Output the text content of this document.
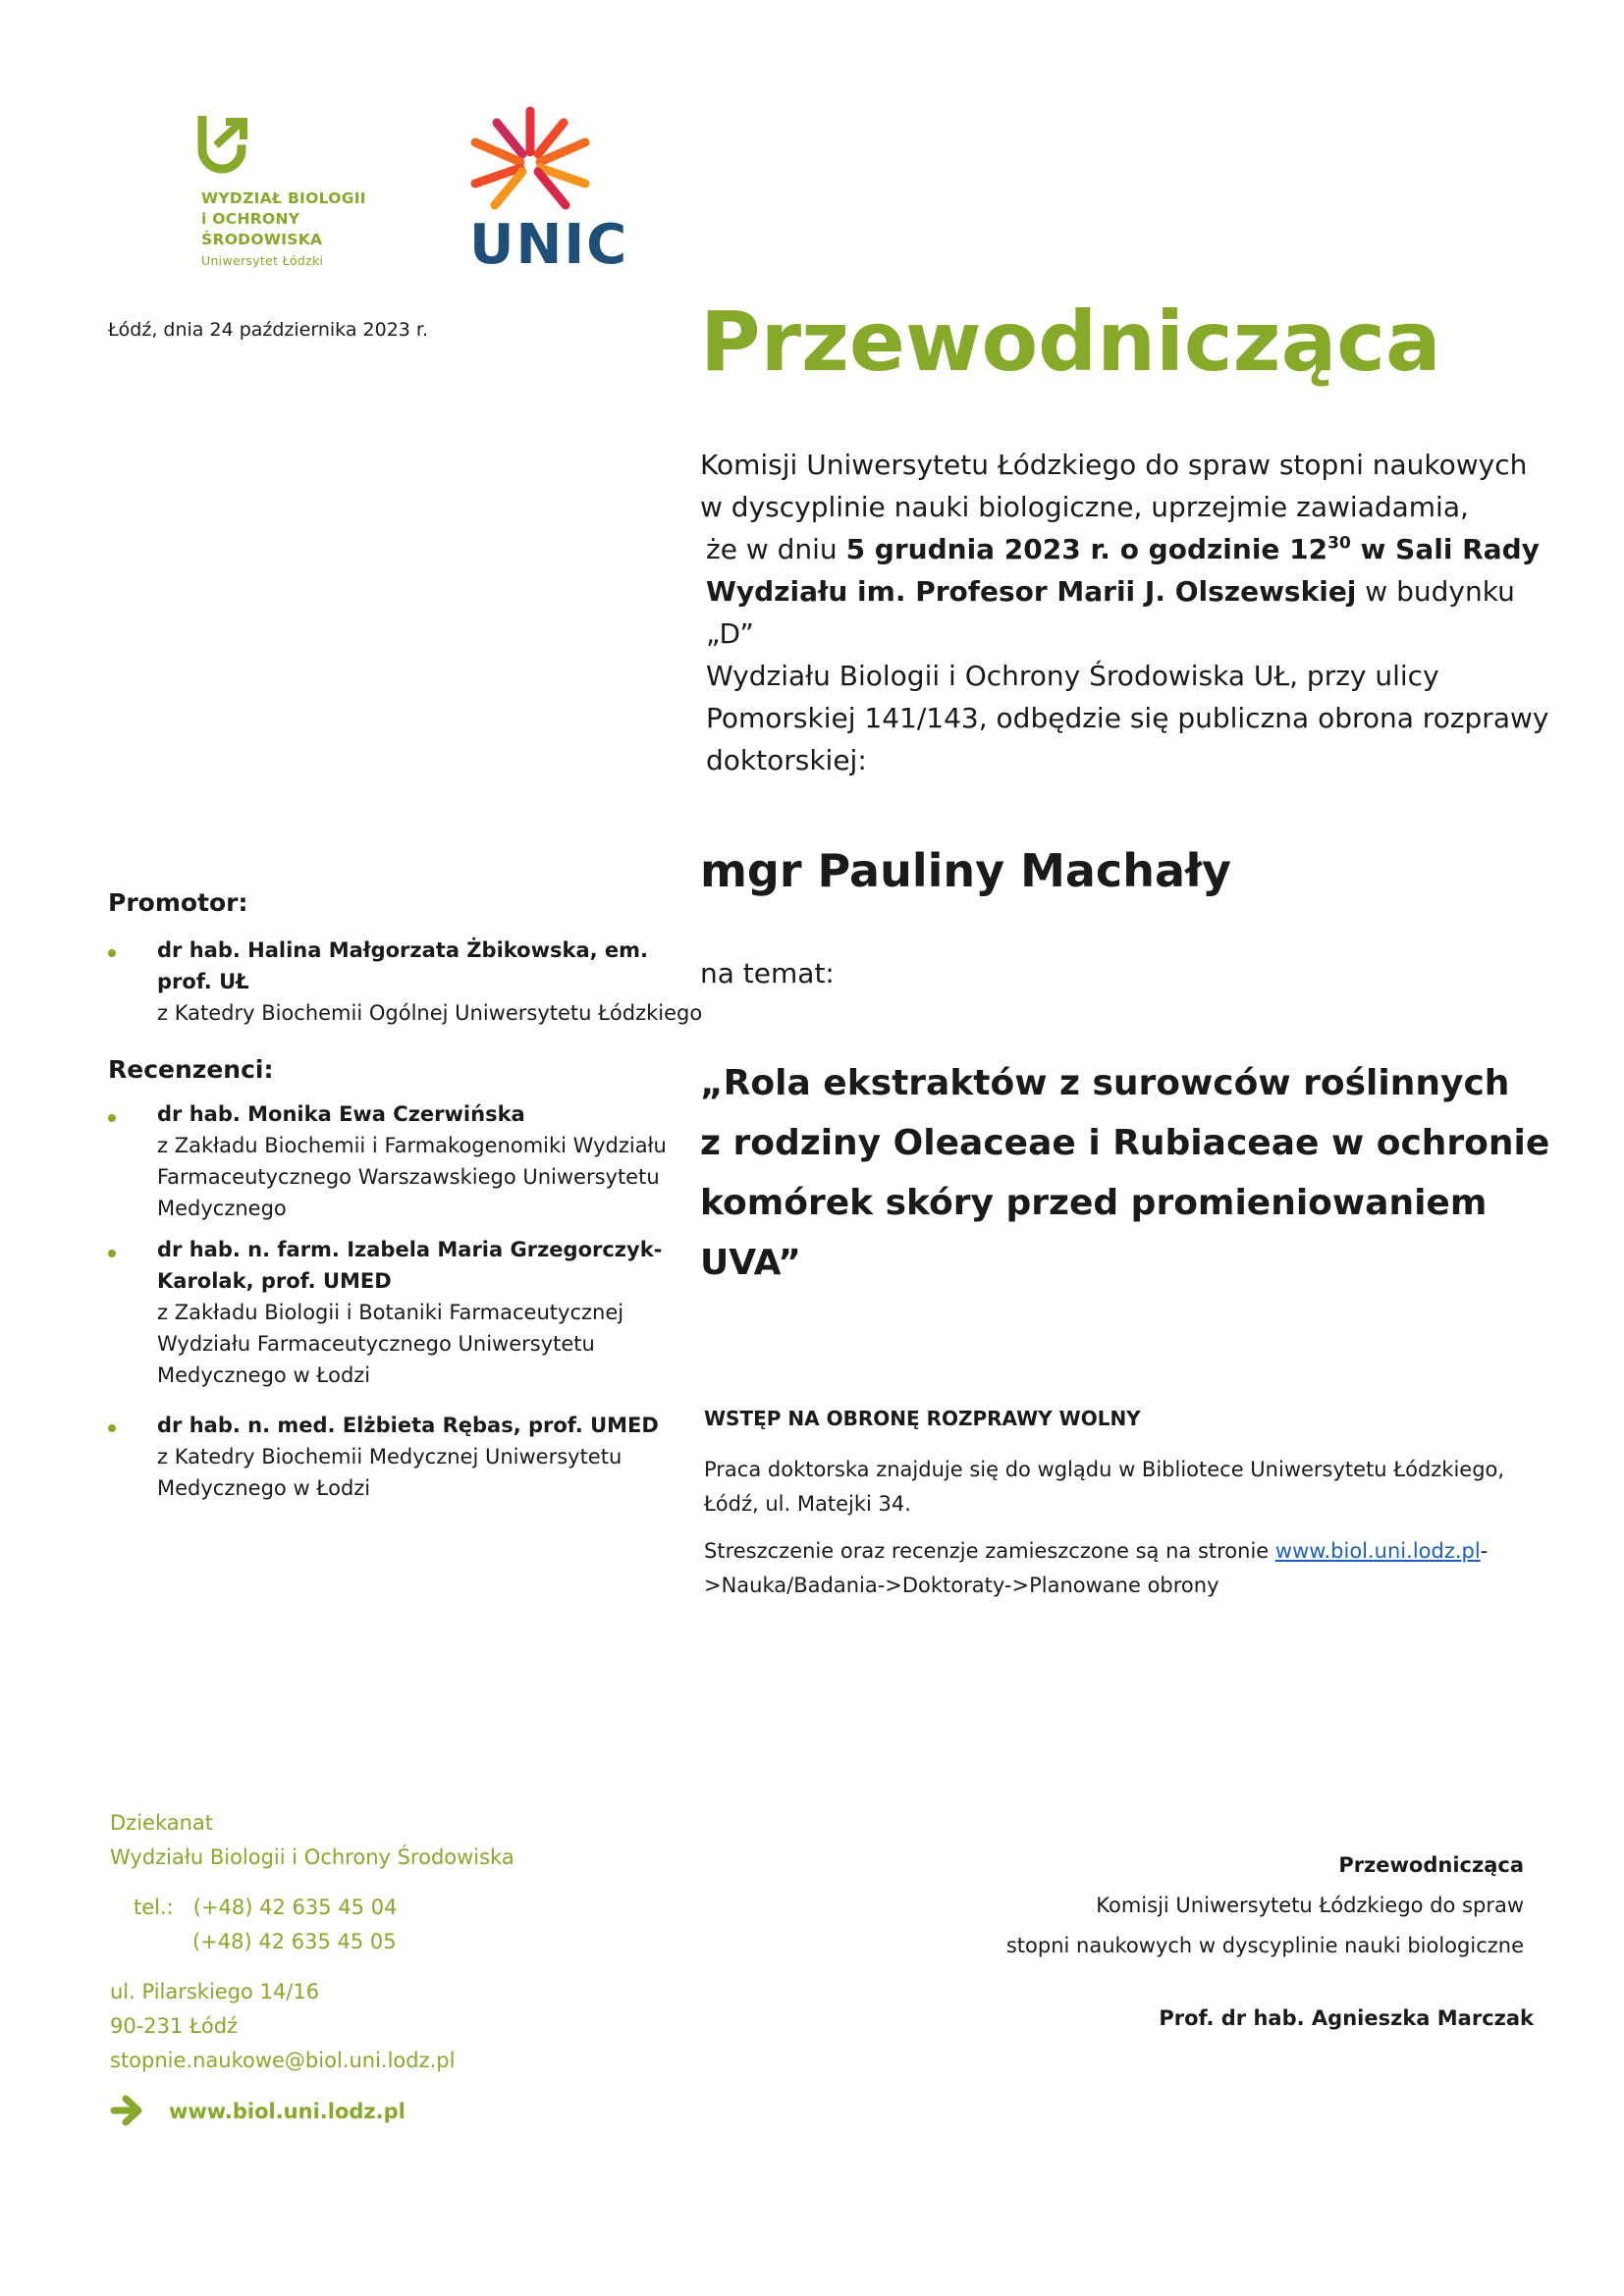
WYDZIAŁ BIOLOGII
i OCHRONY
ŚRODOWISKA
Uniwersytet Łódzki	UNIC
Łódź, dnia 24 października 2023 r.	Przewodnicząca
Komisji Uniwersytetu Łódzkiego do spraw stopni naukowych
w dyscyplinie nauki biologiczne, uprzejmie zawiadamia,
że w dniu 5 grudnia 2023 r. o godzinie $12^{30}$ w Sali Rady
Wydziału im. Profesor Marii J. Olszewskiej w budynku „D”
Wydziału Biologii i Ochrony Środowiska UŁ, przy ulicy
Pomorskiej 141/143, odbędzie się publiczna obrona rozprawy
doktorskiej:
mgr Pauliny Machały
na temat:
„Rola ekstraktów z surowców roślinnych
z rodziny Oleaceae i Rubiaceae w ochronie
komórek skóry przed promieniowaniem UVA”
Promotor:
dr hab. Halina Małgorzata Żbikowska, em. prof. UŁ
z Katedry Biochemii Ogólnej Uniwersytetu Łódzkiego
Recenzenci:
dr hab. Monika Ewa Czerwińska
z Zakładu Biochemii i Farmakogenomiki Wydziału Farmaceutycznego Warszawskiego Uniwersytetu Medycznego
dr hab. n. farm. Izabela Maria Grzegorczyk-Karolak, prof. UMED
z Zakładu Biologii i Botaniki Farmaceutycznej Wydziału Farmaceutycznego Uniwersytetu Medycznego w Łodzi
dr hab. n. med. Elżbieta Rębas, prof. UMED
z Katedry Biochemii Medycznej Uniwersytetu Medycznego w Łodzi
WSTĘP NA OBRONĘ ROZPRAWY WOLNY
Praca doktorska znajduje się do wglądu w Bibliotece Uniwersytetu Łódzkiego, Łódź, ul. Matejki 34.
Streszczenie oraz recenzje zamieszczone są na stronie www.biol.uni.lodz.pl->Nauka/Badania->Doktoraty->Planowane obrony
Dziekanat
Wydziału Biologii i Ochrony Środowiska
tel.: (+48) 42 635 45 04
(+48) 42 635 45 05
ul. Pilarskiego 14/16
90-231 Łódź
stopnie.naukowe@biol.uni.lodz.pl
www.biol.uni.lodz.pl
Przewodnicząca
Komisji Uniwersytetu Łódzkiego do spraw
stopni naukowych w dyscyplinie nauki biologiczne
Prof. dr hab. Agnieszka Marczak
